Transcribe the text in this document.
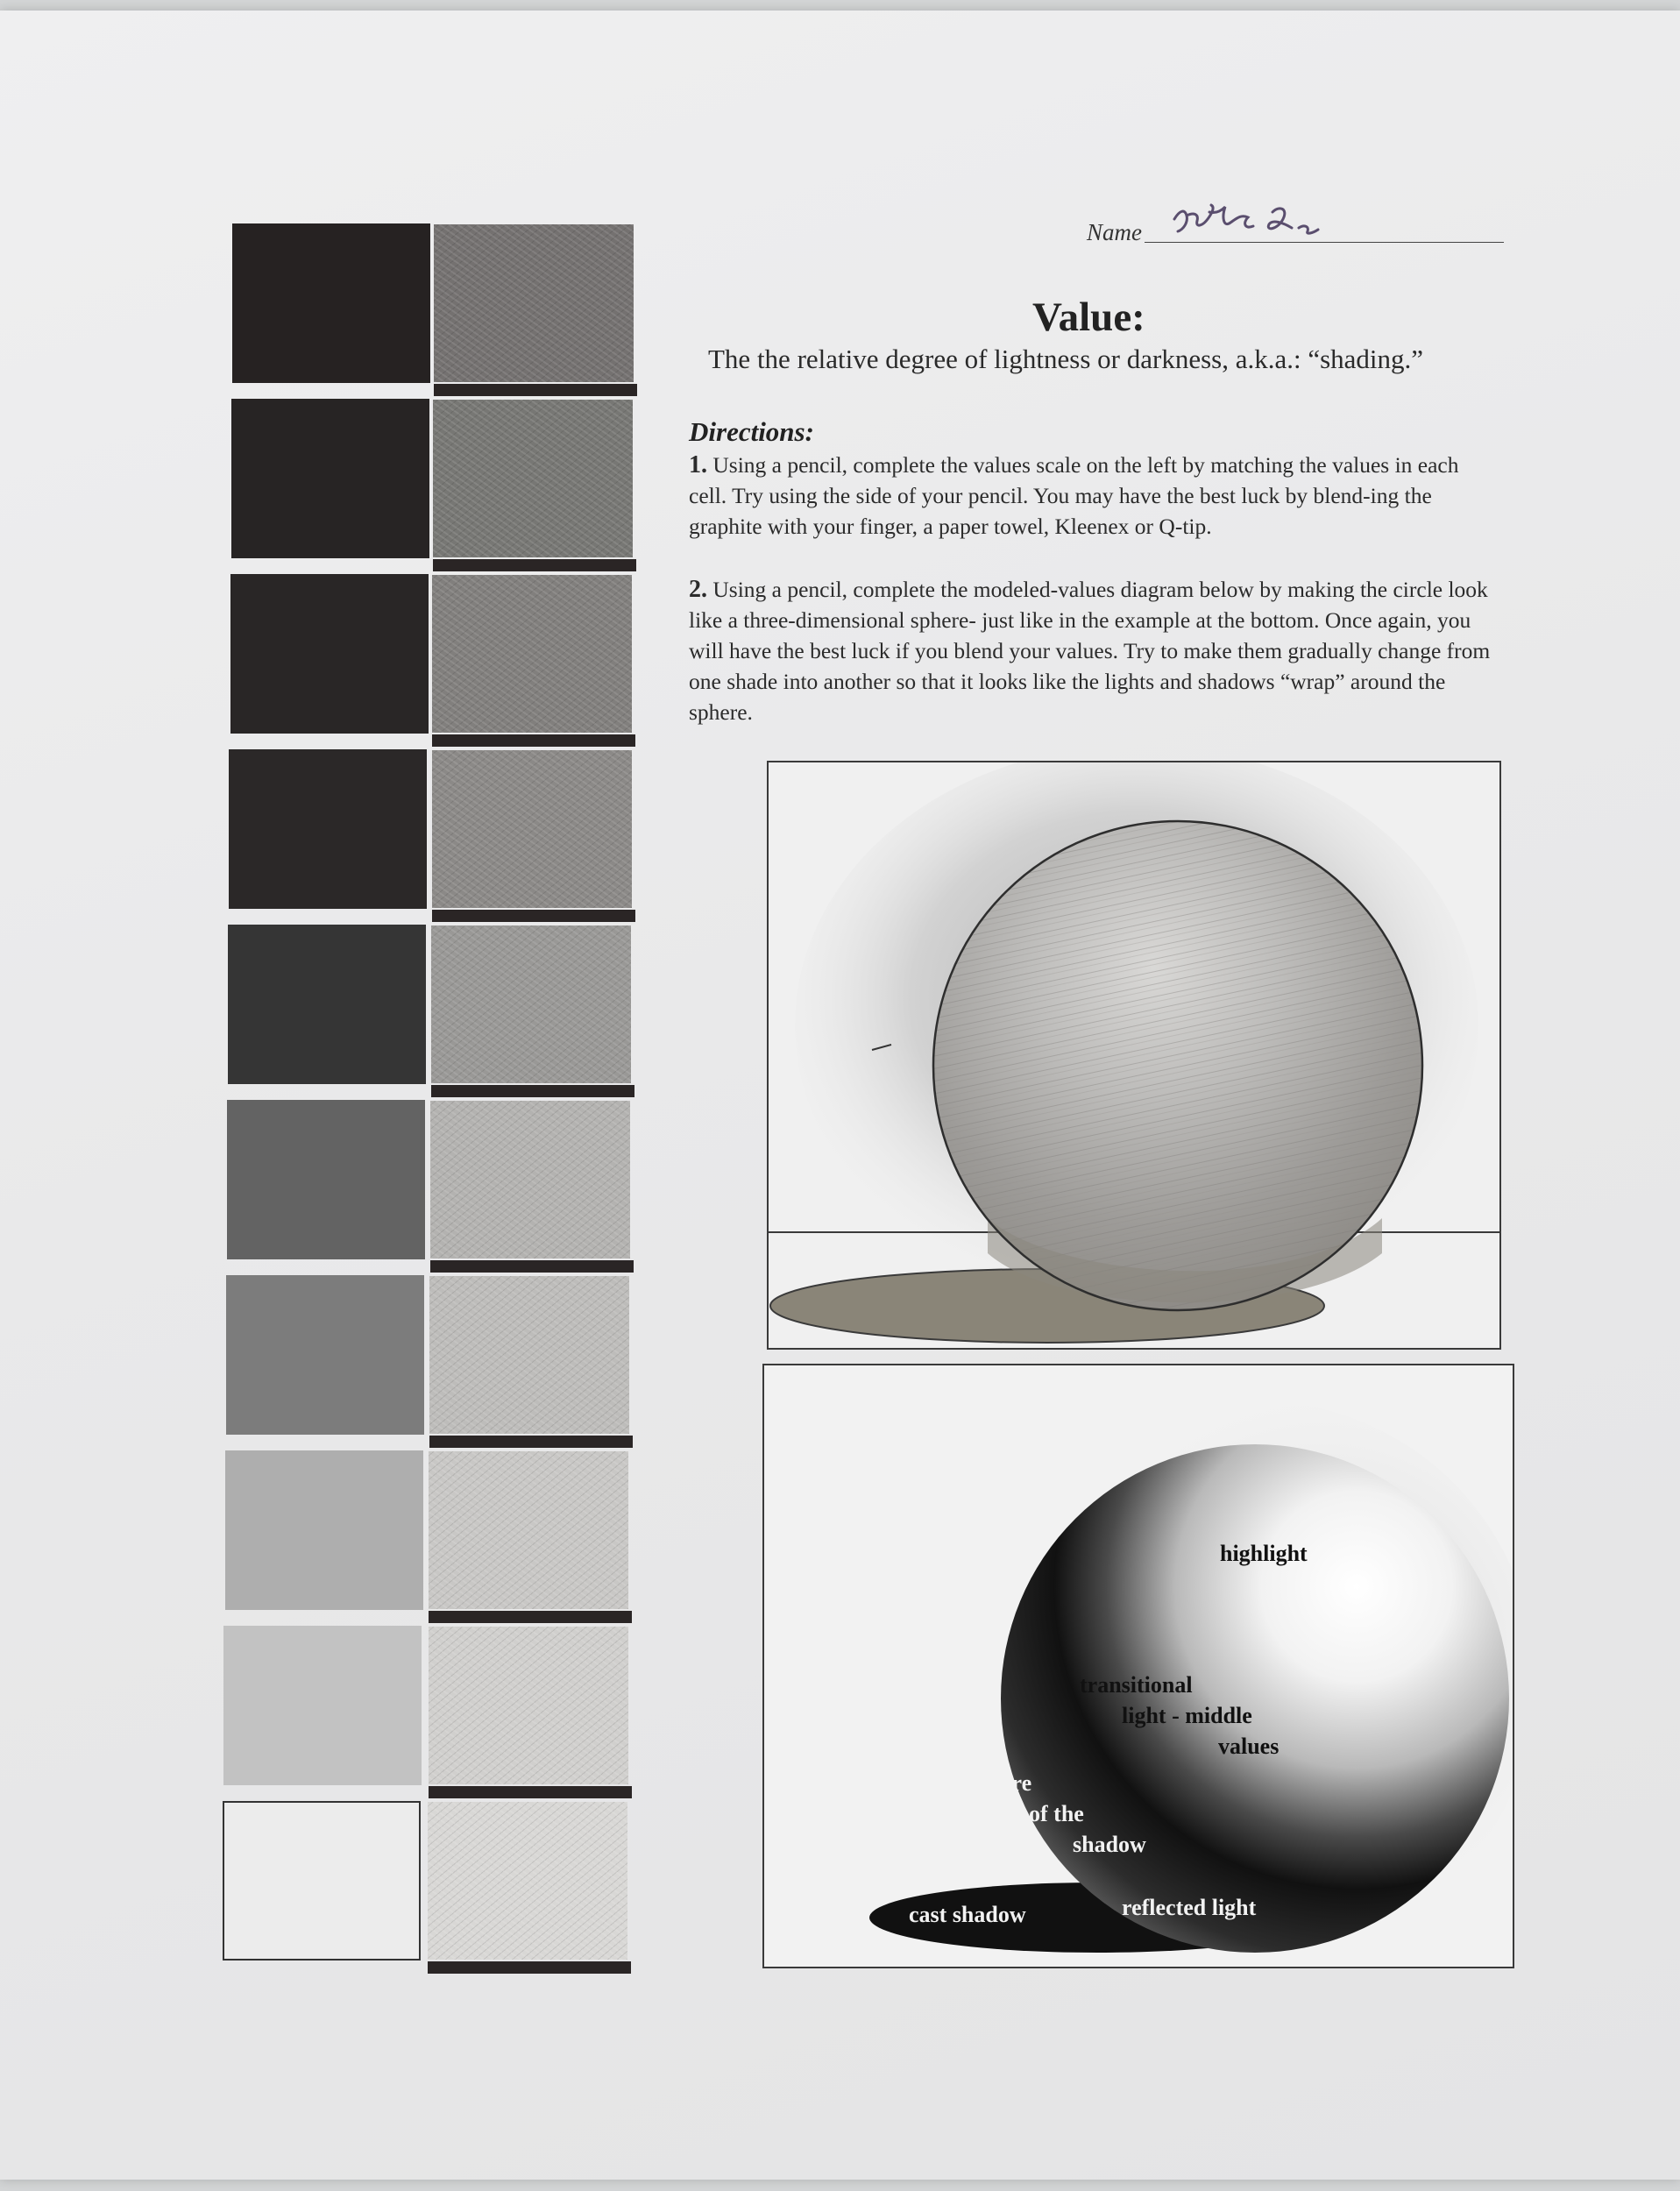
Name
Value:
The the relative degree of lightness or darkness, a.k.a.: “shading.”
Directions:
1. Using a pencil, complete the values scale on the left by matching the values in each cell. Try using the side of your pencil. You may have the best luck by blend-ing the graphite with your finger, a paper towel, Kleenex or Q-tip.
2. Using a pencil, complete the modeled-values diagram below by making the circle look like a three-dimensional sphere- just like in the example at the bottom. Once again, you will have the best luck if you blend your values. Try to make them gradually change from one shade into another so that it looks like the lights and shadows “wrap” around the sphere.
highlight
transitional
light - middle
values
core
of the
shadow
cast shadow	reflected light
